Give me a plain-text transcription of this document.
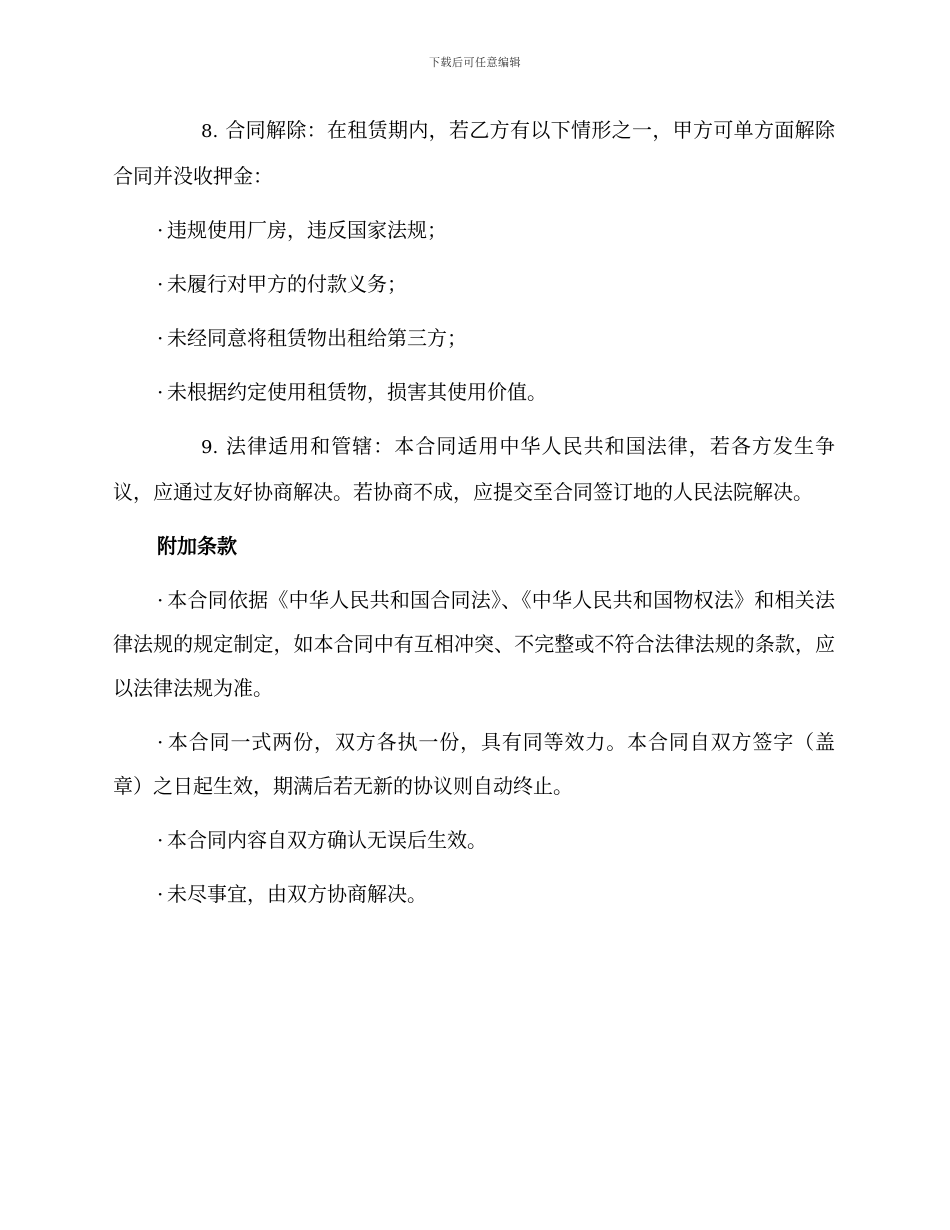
下载后可任意编辑

8. 合同解除：在租赁期内，若乙方有以下情形之一，甲方可单方面解除合同并没收押金：

· 违规使用厂房，违反国家法规；

· 未履行对甲方的付款义务；

· 未经同意将租赁物出租给第三方；

· 未根据约定使用租赁物，损害其使用价值。

9. 法律适用和管辖：本合同适用中华人民共和国法律，若各方发生争议，应通过友好协商解决。若协商不成，应提交至合同签订地的人民法院解决。

附加条款

· 本合同依据《中华人民共和国合同法》、《中华人民共和国物权法》和相关法律法规的规定制定，如本合同中有互相冲突、不完整或不符合法律法规的条款，应以法律法规为准。

· 本合同一式两份，双方各执一份，具有同等效力。本合同自双方签字（盖章）之日起生效，期满后若无新的协议则自动终止。

· 本合同内容自双方确认无误后生效。

· 未尽事宜，由双方协商解决。
